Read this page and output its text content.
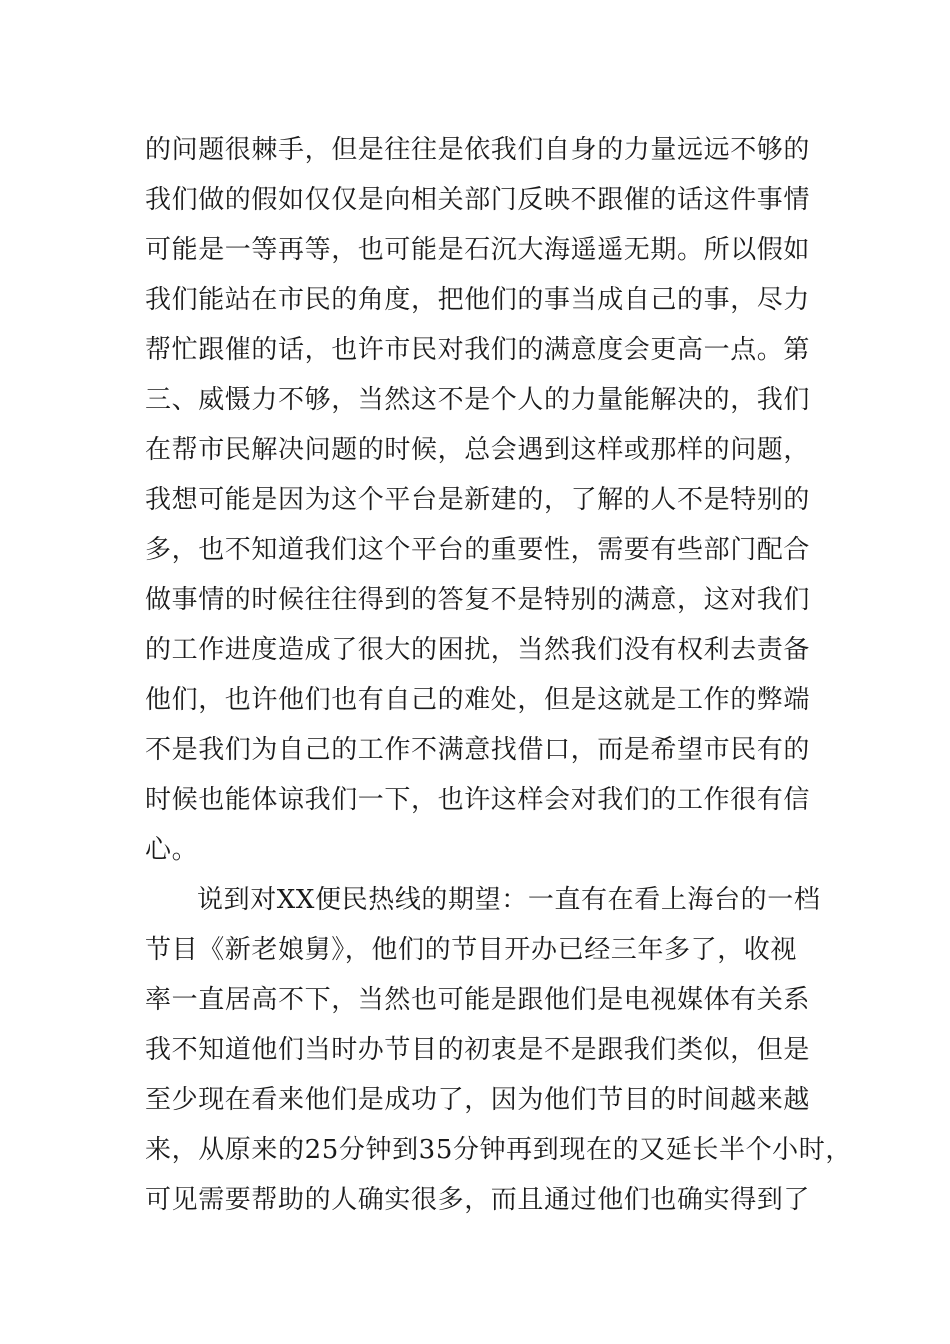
的问题很棘手，但是往往是依我们自身的力量远远不够的
我们做的假如仅仅是向相关部门反映不跟催的话这件事情
可能是一等再等，也可能是石沉大海遥遥无期。所以假如
我们能站在市民的角度，把他们的事当成自己的事，尽力
帮忙跟催的话，也许市民对我们的满意度会更高一点。第
三、威慑力不够，当然这不是个人的力量能解决的，我们
在帮市民解决问题的时候，总会遇到这样或那样的问题，
我想可能是因为这个平台是新建的，了解的人不是特别的
多，也不知道我们这个平台的重要性，需要有些部门配合
做事情的时候往往得到的答复不是特别的满意，这对我们
的工作进度造成了很大的困扰，当然我们没有权利去责备
他们，也许他们也有自己的难处，但是这就是工作的弊端
不是我们为自己的工作不满意找借口，而是希望市民有的
时候也能体谅我们一下，也许这样会对我们的工作很有信
心。
说到对XX便民热线的期望：一直有在看上海台的一档
节目《新老娘舅》，他们的节目开办已经三年多了，收视
率一直居高不下，当然也可能是跟他们是电视媒体有关系
我不知道他们当时办节目的初衷是不是跟我们类似，但是
至少现在看来他们是成功了，因为他们节目的时间越来越
来，从原来的25分钟到35分钟再到现在的又延长半个小时，
可见需要帮助的人确实很多，而且通过他们也确实得到了
